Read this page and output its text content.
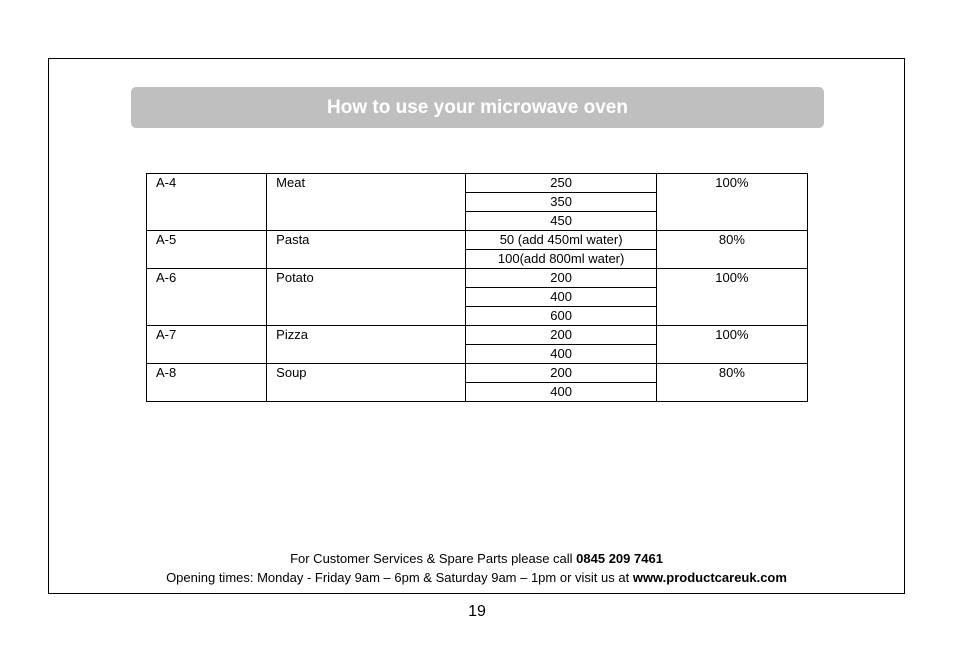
How to use your microwave oven
A-4	Meat	250	100%
		350	
		450	
A-5	Pasta	50 (add 450ml water)	80%
		100(add 800ml water)	
A-6	Potato	200	100%
		400	
		600	
A-7	Pizza	200	100%
		400	
A-8	Soup	200	80%
		400	
For Customer Services & Spare Parts please call 0845 209 7461
Opening times: Monday - Friday 9am – 6pm & Saturday 9am – 1pm or visit us at www.productcareuk.com
19
